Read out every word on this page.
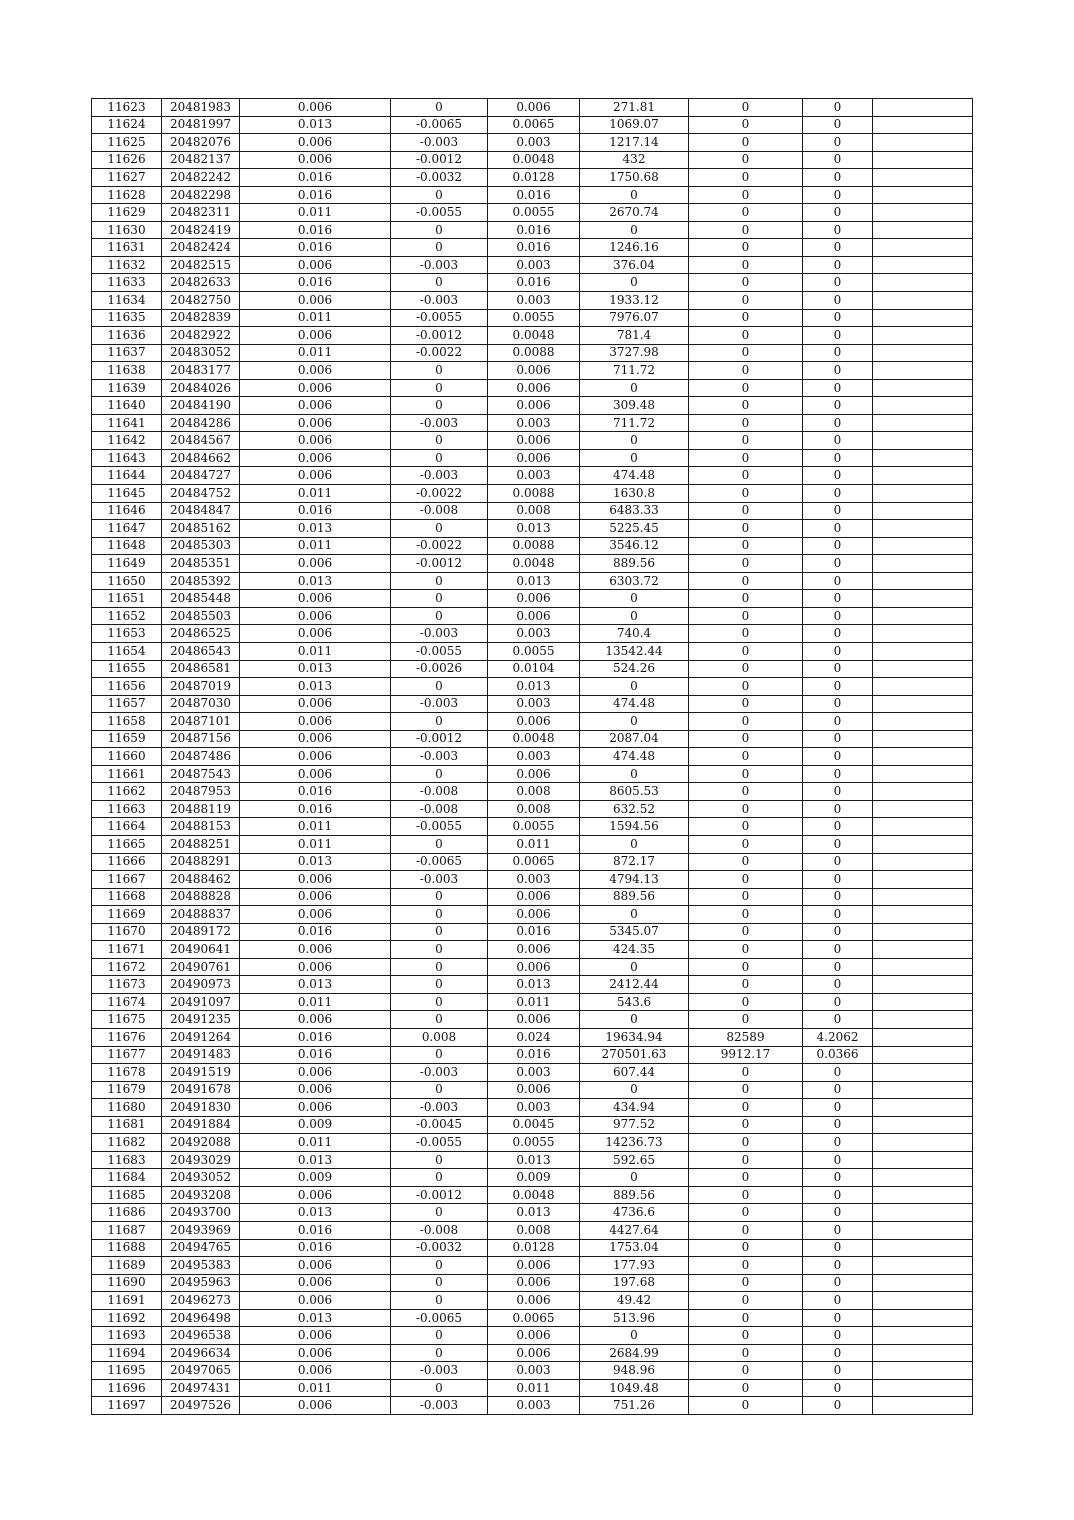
11623	20481983	0.006	0	0.006	271.81	0	0	
11624	20481997	0.013	-0.0065	0.0065	1069.07	0	0	
11625	20482076	0.006	-0.003	0.003	1217.14	0	0	
11626	20482137	0.006	-0.0012	0.0048	432	0	0	
11627	20482242	0.016	-0.0032	0.0128	1750.68	0	0	
11628	20482298	0.016	0	0.016	0	0	0	
11629	20482311	0.011	-0.0055	0.0055	2670.74	0	0	
11630	20482419	0.016	0	0.016	0	0	0	
11631	20482424	0.016	0	0.016	1246.16	0	0	
11632	20482515	0.006	-0.003	0.003	376.04	0	0	
11633	20482633	0.016	0	0.016	0	0	0	
11634	20482750	0.006	-0.003	0.003	1933.12	0	0	
11635	20482839	0.011	-0.0055	0.0055	7976.07	0	0	
11636	20482922	0.006	-0.0012	0.0048	781.4	0	0	
11637	20483052	0.011	-0.0022	0.0088	3727.98	0	0	
11638	20483177	0.006	0	0.006	711.72	0	0	
11639	20484026	0.006	0	0.006	0	0	0	
11640	20484190	0.006	0	0.006	309.48	0	0	
11641	20484286	0.006	-0.003	0.003	711.72	0	0	
11642	20484567	0.006	0	0.006	0	0	0	
11643	20484662	0.006	0	0.006	0	0	0	
11644	20484727	0.006	-0.003	0.003	474.48	0	0	
11645	20484752	0.011	-0.0022	0.0088	1630.8	0	0	
11646	20484847	0.016	-0.008	0.008	6483.33	0	0	
11647	20485162	0.013	0	0.013	5225.45	0	0	
11648	20485303	0.011	-0.0022	0.0088	3546.12	0	0	
11649	20485351	0.006	-0.0012	0.0048	889.56	0	0	
11650	20485392	0.013	0	0.013	6303.72	0	0	
11651	20485448	0.006	0	0.006	0	0	0	
11652	20485503	0.006	0	0.006	0	0	0	
11653	20486525	0.006	-0.003	0.003	740.4	0	0	
11654	20486543	0.011	-0.0055	0.0055	13542.44	0	0	
11655	20486581	0.013	-0.0026	0.0104	524.26	0	0	
11656	20487019	0.013	0	0.013	0	0	0	
11657	20487030	0.006	-0.003	0.003	474.48	0	0	
11658	20487101	0.006	0	0.006	0	0	0	
11659	20487156	0.006	-0.0012	0.0048	2087.04	0	0	
11660	20487486	0.006	-0.003	0.003	474.48	0	0	
11661	20487543	0.006	0	0.006	0	0	0	
11662	20487953	0.016	-0.008	0.008	8605.53	0	0	
11663	20488119	0.016	-0.008	0.008	632.52	0	0	
11664	20488153	0.011	-0.0055	0.0055	1594.56	0	0	
11665	20488251	0.011	0	0.011	0	0	0	
11666	20488291	0.013	-0.0065	0.0065	872.17	0	0	
11667	20488462	0.006	-0.003	0.003	4794.13	0	0	
11668	20488828	0.006	0	0.006	889.56	0	0	
11669	20488837	0.006	0	0.006	0	0	0	
11670	20489172	0.016	0	0.016	5345.07	0	0	
11671	20490641	0.006	0	0.006	424.35	0	0	
11672	20490761	0.006	0	0.006	0	0	0	
11673	20490973	0.013	0	0.013	2412.44	0	0	
11674	20491097	0.011	0	0.011	543.6	0	0	
11675	20491235	0.006	0	0.006	0	0	0	
11676	20491264	0.016	0.008	0.024	19634.94	82589	4.2062	
11677	20491483	0.016	0	0.016	270501.63	9912.17	0.0366	
11678	20491519	0.006	-0.003	0.003	607.44	0	0	
11679	20491678	0.006	0	0.006	0	0	0	
11680	20491830	0.006	-0.003	0.003	434.94	0	0	
11681	20491884	0.009	-0.0045	0.0045	977.52	0	0	
11682	20492088	0.011	-0.0055	0.0055	14236.73	0	0	
11683	20493029	0.013	0	0.013	592.65	0	0	
11684	20493052	0.009	0	0.009	0	0	0	
11685	20493208	0.006	-0.0012	0.0048	889.56	0	0	
11686	20493700	0.013	0	0.013	4736.6	0	0	
11687	20493969	0.016	-0.008	0.008	4427.64	0	0	
11688	20494765	0.016	-0.0032	0.0128	1753.04	0	0	
11689	20495383	0.006	0	0.006	177.93	0	0	
11690	20495963	0.006	0	0.006	197.68	0	0	
11691	20496273	0.006	0	0.006	49.42	0	0	
11692	20496498	0.013	-0.0065	0.0065	513.96	0	0	
11693	20496538	0.006	0	0.006	0	0	0	
11694	20496634	0.006	0	0.006	2684.99	0	0	
11695	20497065	0.006	-0.003	0.003	948.96	0	0	
11696	20497431	0.011	0	0.011	1049.48	0	0	
11697	20497526	0.006	-0.003	0.003	751.26	0	0	
